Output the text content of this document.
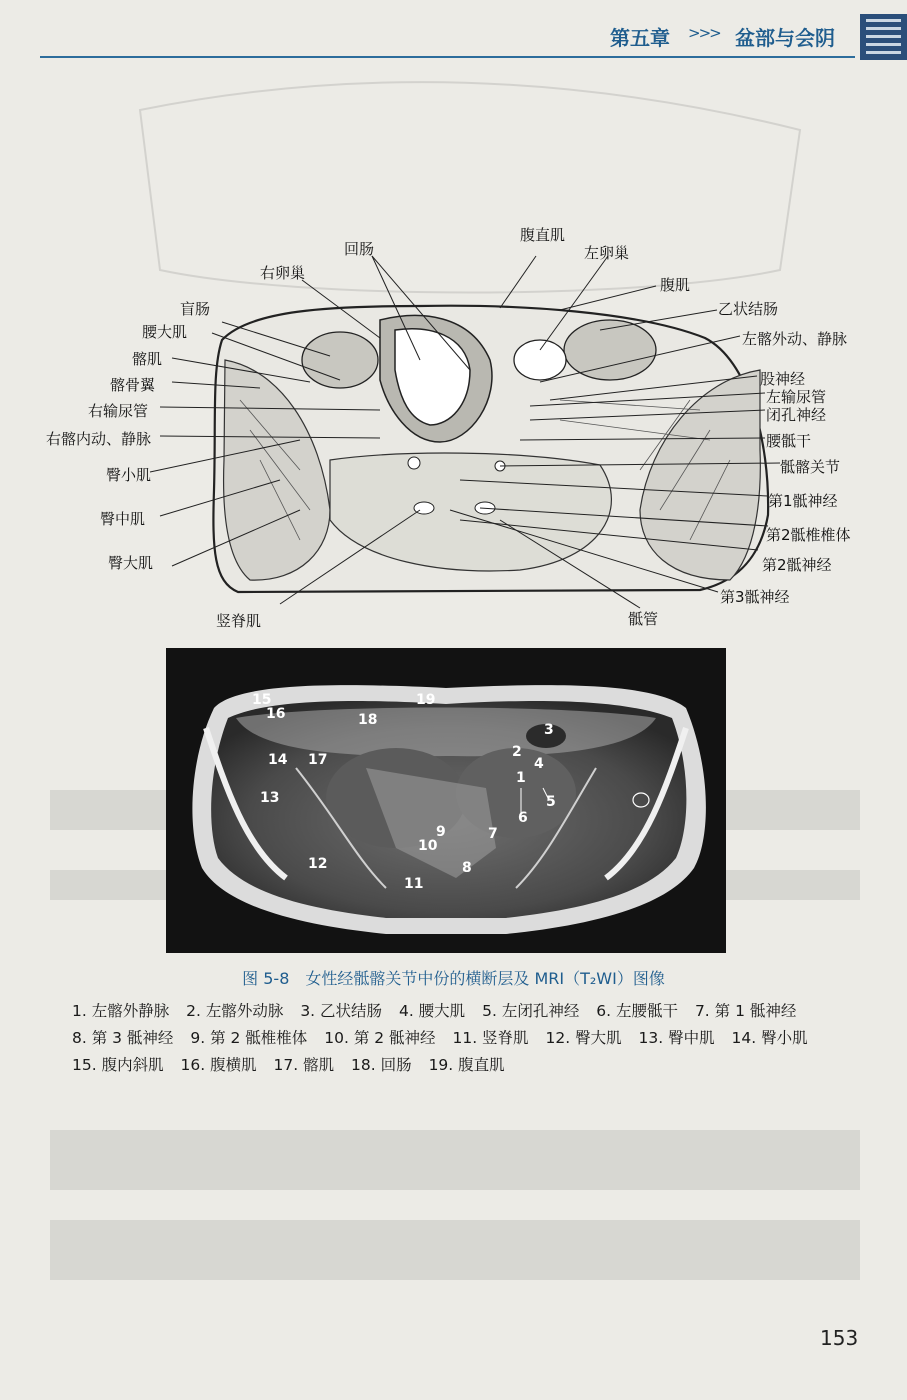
第五章 >>> 盆部与会阴
右卵巢
回肠
腹直肌
左卵巢
腹肌
盲肠	乙状结肠
腰大肌	左髂外动、静脉
髂肌
股神经
髂骨翼
左输尿管
右输尿管	闭孔神经
右髂内动、静脉	腰骶干
臀小肌	骶髂关节
第1骶神经
臀中肌
第2骶椎椎体
第2骶神经
臀大肌
第3骶神经
竖脊肌	骶管
1
2
3
4
5
6
7
8
9
10
11
12
13
14
15
16
17
18
19
图 5-8　女性经骶髂关节中份的横断层及 MRI（T₂WI）图像
1. 左髂外静脉 2. 左髂外动脉 3. 乙状结肠 4. 腰大肌 5. 左闭孔神经 6. 左腰骶干 7. 第 1 骶神经 8. 第 3 骶神经 9. 第 2 骶椎椎体 10. 第 2 骶神经 11. 竖脊肌 12. 臀大肌 13. 臀中肌 14. 臀小肌 15. 腹内斜肌 16. 腹横肌 17. 髂肌 18. 回肠 19. 腹直肌
153
